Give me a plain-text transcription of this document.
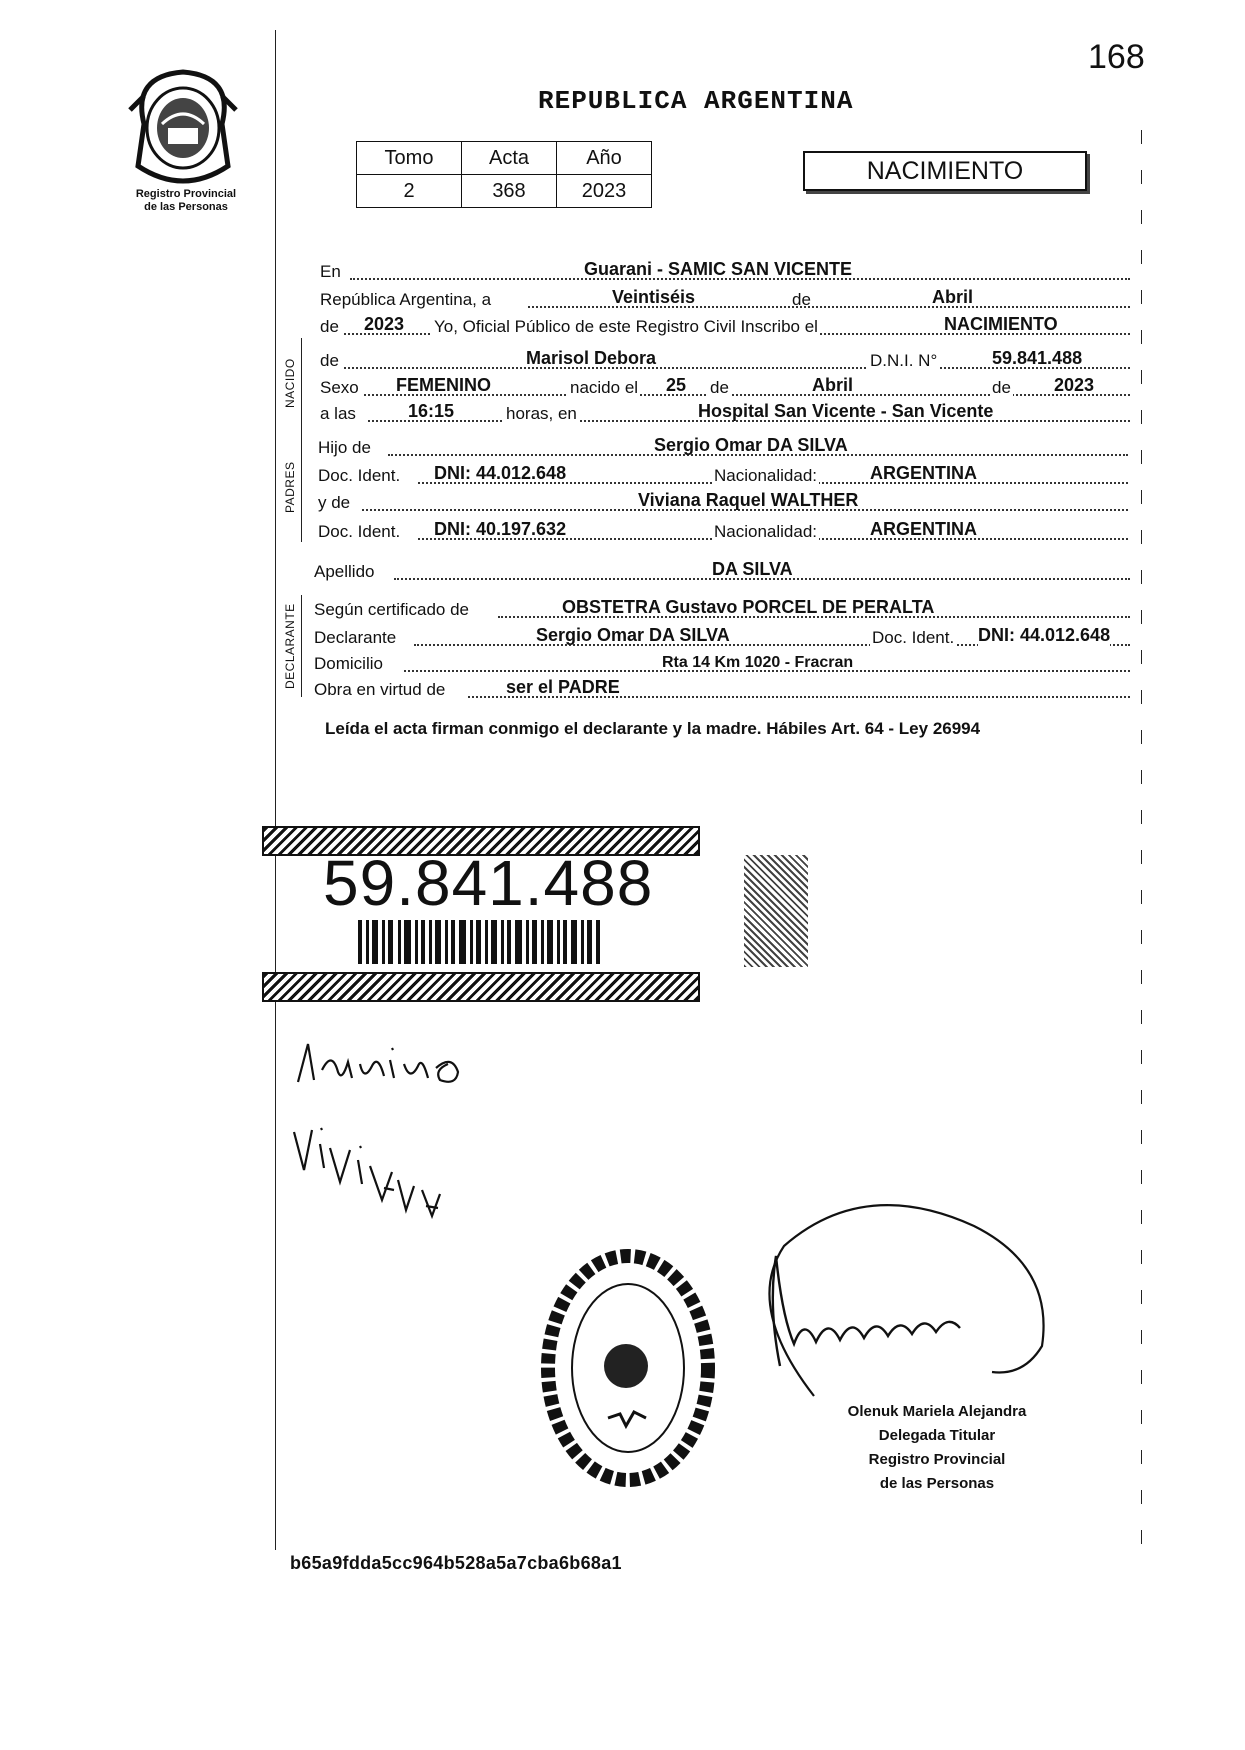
168
REPUBLICA ARGENTINA
Registro Provincial
de las Personas
Tomo	Acta	Año
2	368	2023
NACIMIENTO
NACIDO
PADRES
DECLARANTE
En	Guarani - SAMIC SAN VICENTE
República Argentina, a	Veintiséis	de	Abril
de 2023 Yo, Oficial Público de este Registro Civil Inscribo el	NACIMIENTO
de	Marisol Debora	D.N.I. N°	59.841.488
Sexo FEMENINO	nacido el 25 de	Abril	de 2023
a las	16:15	horas, en	Hospital San Vicente - San Vicente
Hijo de	Sergio Omar DA SILVA
Doc. Ident. DNI: 44.012.648	Nacionalidad:	ARGENTINA
y de	Viviana Raquel WALTHER
Doc. Ident. DNI: 40.197.632	Nacionalidad:	ARGENTINA
Apellido	DA SILVA
Según certificado de	OBSTETRA Gustavo PORCEL DE PERALTA
Declarante	Sergio Omar DA SILVA	Doc. Ident. DNI: 44.012.648
Domicilio	Rta 14 Km 1020 - Fracran
Obra en virtud de	ser el PADRE
Leída el acta firman conmigo el declarante y la madre. Hábiles Art. 64 - Ley 26994
59.841.488
Olenuk Mariela Alejandra
Delegada Titular
Registro Provincial
de las Personas
b65a9fdda5cc964b528a5a7cba6b68a1
